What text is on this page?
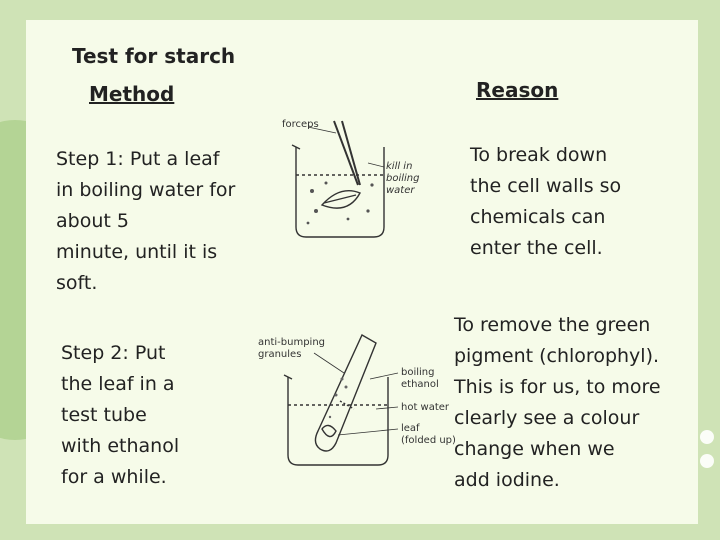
Test for starch
Method	Reason
Step 1: Put a leaf
in boiling water for
about 5
minute, until it is
soft.
Step 2: Put
the leaf in a
test tube
with ethanol
for a while.
To break down
the cell walls so
chemicals can
enter the cell.
To remove the green
pigment (chlorophyl).
This is for us, to more
clearly see a colour
change when we
add iodine.
forceps
kill in
boiling
water
anti-bumping
granules
boiling
ethanol
hot water
leaf
(folded up)
